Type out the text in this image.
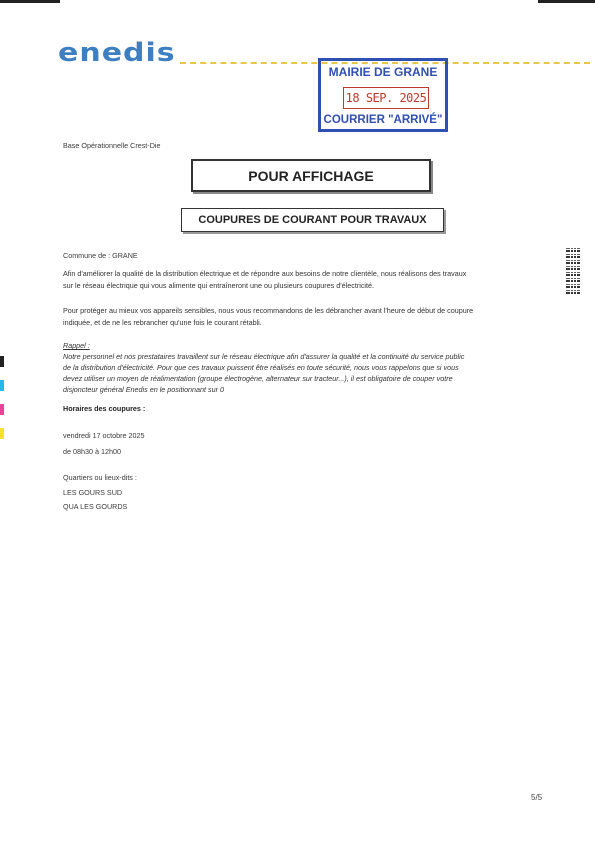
enedis
MAIRIE DE GRANE
18 SEP. 2025
COURRIER "ARRIVÉ"
Base Opérationnelle Crest-Die
POUR AFFICHAGE
COUPURES DE COURANT POUR TRAVAUX
Commune de : GRANE
Afin d'améliorer la qualité de la distribution électrique et de répondre aux besoins de notre clientèle, nous réalisons des travaux
sur le réseau électrique qui vous alimente qui entraîneront une ou plusieurs coupures d'électricité.
Pour protéger au mieux vos appareils sensibles, nous vous recommandons de les débrancher avant l'heure de début de coupure
indiquée, et de ne les rebrancher qu'une fois le courant rétabli.
Rappel :
Notre personnel et nos prestataires travaillent sur le réseau électrique afin d'assurer la qualité et la continuité du service public
de la distribution d'électricité. Pour que ces travaux puissent être réalisés en toute sécurité, nous vous rappelons que si vous
devez utiliser un moyen de réalimentation (groupe électrogène, alternateur sur tracteur...), il est obligatoire de couper votre
disjoncteur général Enedis en le positionnant sur 0
Horaires des coupures :
vendredi 17 octobre 2025
de 08h30 à 12h00
Quartiers ou lieux-dits :
LES GOURS SUD
QUA LES GOURDS
5/5
